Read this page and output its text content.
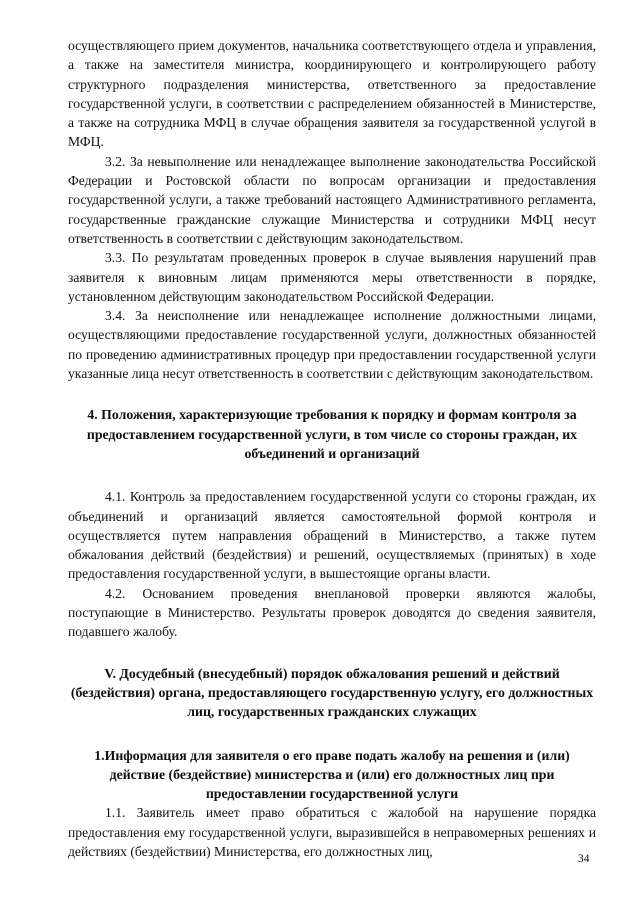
осуществляющего прием документов, начальника соответствующего отдела и управления, а также на заместителя министра, координирующего и контролирующего работу структурного подразделения министерства, ответственного за предоставление государственной услуги, в соответствии с распределением обязанностей в Министерстве, а также на сотрудника МФЦ в случае обращения заявителя за государственной услугой в МФЦ.

3.2. За невыполнение или ненадлежащее выполнение законодательства Российской Федерации и Ростовской области по вопросам организации и предоставления государственной услуги, а также требований настоящего Административного регламента, государственные гражданские служащие Министерства и сотрудники МФЦ несут ответственность в соответствии с действующим законодательством.

3.3. По результатам проведенных проверок в случае выявления нарушений прав заявителя к виновным лицам применяются меры ответственности в порядке, установленном действующим законодательством Российской Федерации.

3.4. За неисполнение или ненадлежащее исполнение должностными лицами, осуществляющими предоставление государственной услуги, должностных обязанностей по проведению административных процедур при предоставлении государственной услуги указанные лица несут ответственность в соответствии с действующим законодательством.

4. Положения, характеризующие требования к порядку и формам контроля за предоставлением государственной услуги, в том числе со стороны граждан, их объединений и организаций

4.1. Контроль за предоставлением государственной услуги со стороны граждан, их объединений и организаций является самостоятельной формой контроля и осуществляется путем направления обращений в Министерство, а также путем обжалования действий (бездействия) и решений, осуществляемых (принятых) в ходе предоставления государственной услуги, в вышестоящие органы власти.

4.2. Основанием проведения внеплановой проверки являются жалобы, поступающие в Министерство. Результаты проверок доводятся до сведения заявителя, подавшего жалобу.

V. Досудебный (внесудебный) порядок обжалования решений и действий (бездействия) органа, предоставляющего государственную услугу, его должностных лиц, государственных гражданских служащих
1.Информация для заявителя о его праве подать жалобу на решения и (или) действие (бездействие) министерства и (или) его должностных лиц при предоставлении государственной услуги

1.1. Заявитель имеет право обратиться с жалобой на нарушение порядка предоставления ему государственной услуги, выразившейся в неправомерных решениях и действиях (бездействии) Министерства, его должностных лиц,

34
